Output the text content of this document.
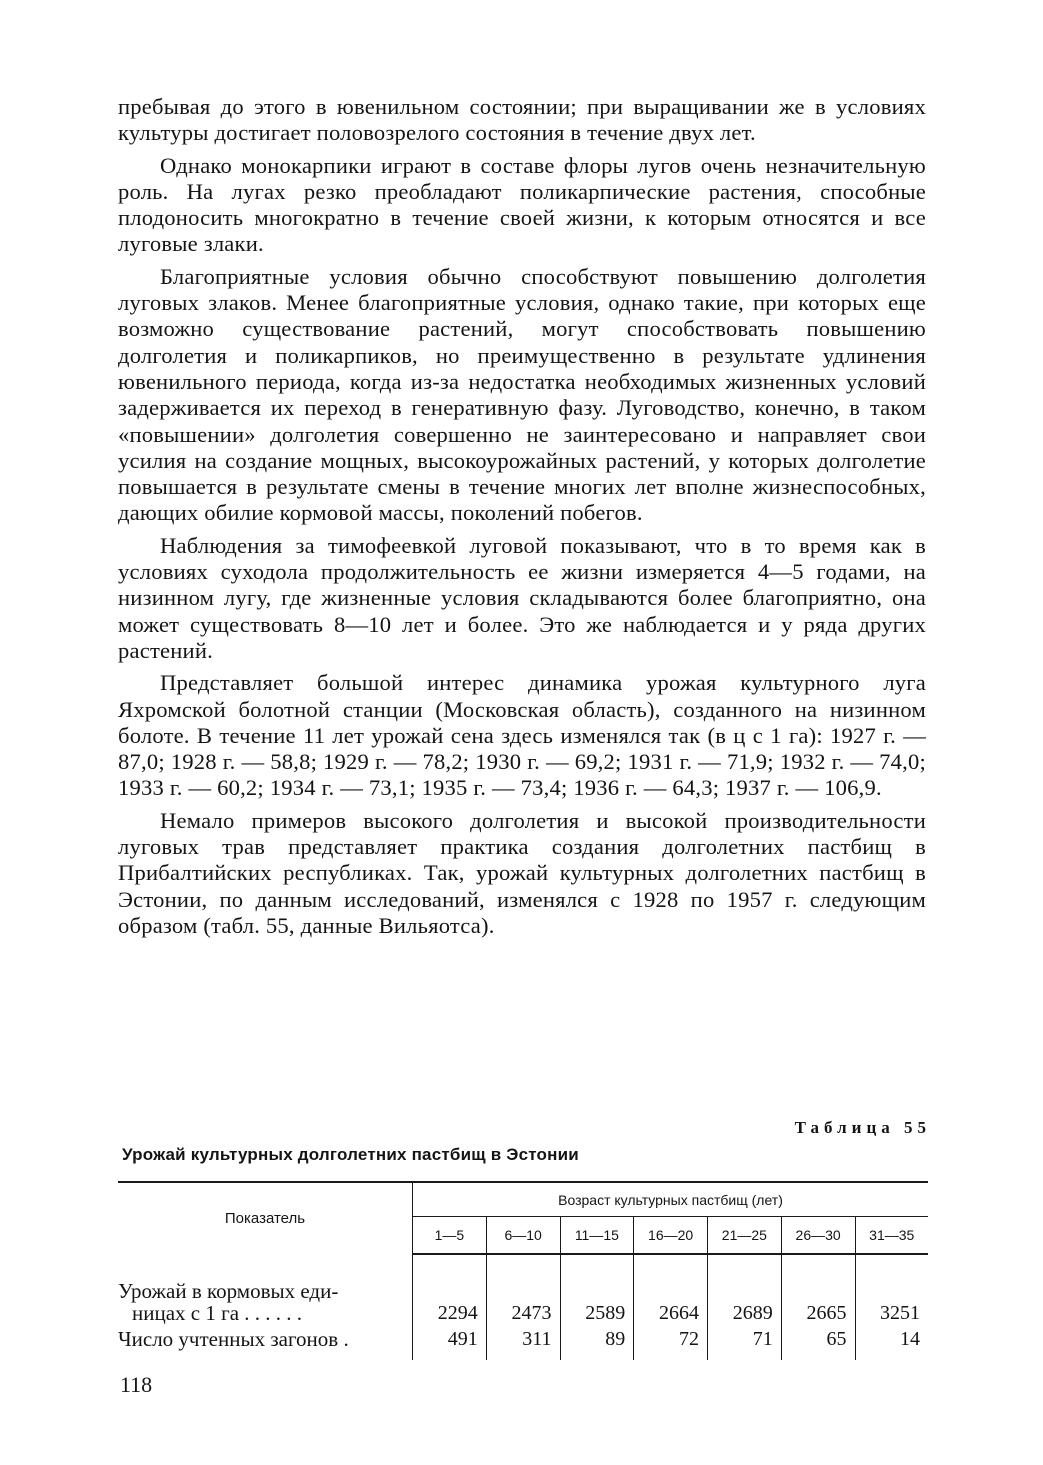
пребывая до этого в ювенильном состоянии; при выращивании же в условиях культуры достигает половозрелого состояния в течение двух лет.

Однако монокарпики играют в составе флоры лугов очень незначительную роль. На лугах резко преобладают поликарпические растения, способные плодоносить многократно в течение своей жизни, к которым относятся и все луговые злаки.

Благоприятные условия обычно способствуют повышению долголетия луговых злаков. Менее благоприятные условия, однако такие, при которых еще возможно существование растений, могут способствовать повышению долголетия и поликарпиков, но преимущественно в результате удлинения ювенильного периода, когда из-за недостатка необходимых жизненных условий задерживается их переход в генеративную фазу. Луговодство, конечно, в таком «повышении» долголетия совершенно не заинтересовано и направляет свои усилия на создание мощных, высокоурожайных растений, у которых долголетие повышается в результате смены в течение многих лет вполне жизнеспособных, дающих обилие кормовой массы, поколений побегов.

Наблюдения за тимофеевкой луговой показывают, что в то время как в условиях суходола продолжительность ее жизни измеряется 4—5 годами, на низинном лугу, где жизненные условия складываются более благоприятно, она может существовать 8—10 лет и более. Это же наблюдается и у ряда других растений.

Представляет большой интерес динамика урожая культурного луга Яхромской болотной станции (Московская область), созданного на низинном болоте. В течение 11 лет урожай сена здесь изменялся так (в ц с 1 га): 1927 г. — 87,0; 1928 г. — 58,8; 1929 г. — 78,2; 1930 г. — 69,2; 1931 г. — 71,9; 1932 г. — 74,0; 1933 г. — 60,2; 1934 г. — 73,1; 1935 г. — 73,4; 1936 г. — 64,3; 1937 г. — 106,9.

Немало примеров высокого долголетия и высокой производительности луговых трав представляет практика создания долголетних пастбищ в Прибалтийских республиках. Так, урожай культурных долголетних пастбищ в Эстонии, по данным исследований, изменялся с 1928 по 1957 г. следующим образом (табл. 55, данные Вильяотса).

Таблица 55
Урожай культурных долголетних пастбищ в Эстонии
Показатель	Возраст культурных пастбищ (лет)						
	1—5	6—10	11—15	16—20	21—25	26—30	31—35

Урожай в кормовых еди-
ницах с 1 га . . . . . .	2294	2473	2589	2664	2689	2665	3251
Число учтенных загонов .	491	311	89	72	71	65	14
118
